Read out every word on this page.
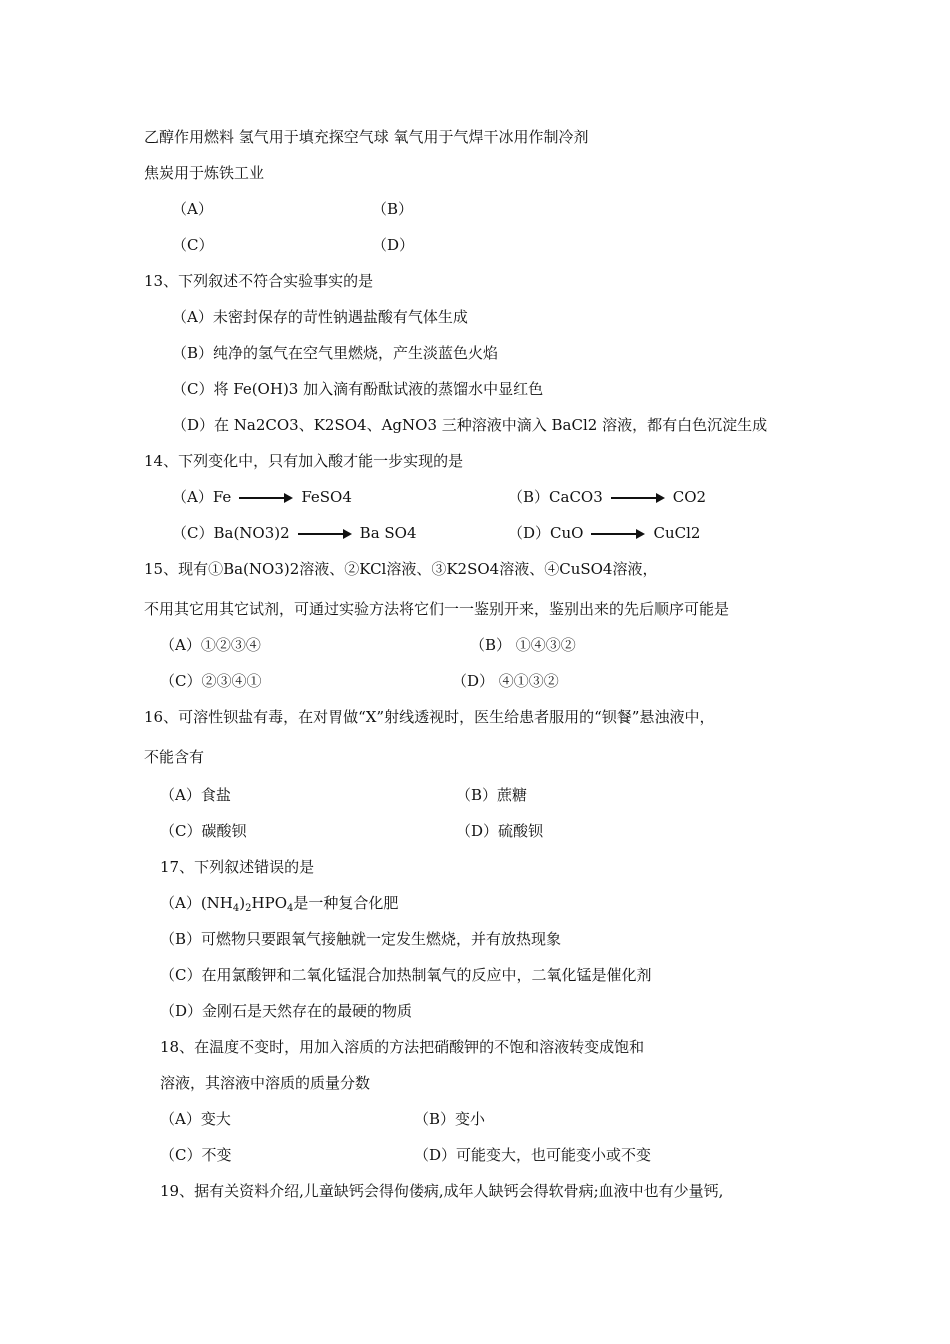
乙醇作用燃料 氢气用于填充探空气球 氧气用于气焊干冰用作制冷剂
焦炭用于炼铁工业
（A）	（B）
（C）	（D）
13、下列叙述不符合实验事实的是
（A）未密封保存的苛性钠遇盐酸有气体生成
（B）纯净的氢气在空气里燃烧，产生淡蓝色火焰
（C）将 Fe(OH)3 加入滴有酚酞试液的蒸馏水中显红色
（D）在 Na2CO3、K2SO4、AgNO3 三种溶液中滴入 BaCl2 溶液，都有白色沉淀生成
14、下列变化中，只有加入酸才能一步实现的是
（A）Fe	FeSO4	（B）CaCO3	CO2
（C）Ba(NO3)2	Ba SO4	（D）CuO	CuCl2
15、现有①Ba(NO3)2溶液、②KCl溶液、③K2SO4溶液、④CuSO4溶液，
不用其它用其它试剂，可通过实验方法将它们一一鉴别开来，鉴别出来的先后顺序可能是
（A）①②③④	（B） ①④③②
（C）②③④①	（D） ④①③②
16、可溶性钡盐有毒，在对胃做“X”射线透视时，医生给患者服用的“钡餐”悬浊液中，
不能含有
（A）食盐	（B）蔗糖
（C）碳酸钡	（D）硫酸钡
17、下列叙述错误的是
$(A)(NH_4)_2HPO_4$是一种复合化肥
（B）可燃物只要跟氧气接触就一定发生燃烧，并有放热现象
（C）在用氯酸钾和二氧化锰混合加热制氧气的反应中，二氧化锰是催化剂
（D）金刚石是天然存在的最硬的物质
18、在温度不变时，用加入溶质的方法把硝酸钾的不饱和溶液转变成饱和
溶液，其溶液中溶质的质量分数
（A）变大	（B）变小
（C）不变	（D）可能变大，也可能变小或不变
19、据有关资料介绍,儿童缺钙会得佝偻病,成年人缺钙会得软骨病;血液中也有少量钙,
